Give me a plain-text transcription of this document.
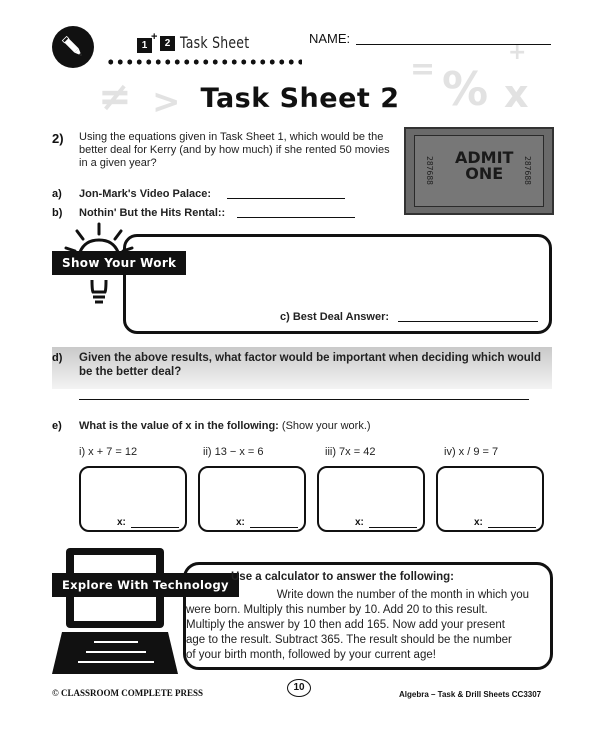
1
+
2 Task Sheet	NAME:
≠ >
= % x
+
Task Sheet 2
2) Using the equations given in Task Sheet 1, which would be the better deal for Kerry (and by how much) if she rented 50 movies in a given year?
a) Jon-Mark's Video Palace:
b) Nothin' But the Hits Rental::
ADMIT
ONE
287688	287688
Show Your Work
c) Best Deal Answer:
d) Given the above results, what factor would be important when deciding which would be the better deal?
e) What is the value of x in the following: (Show your work.)
i) x + 7 = 12	ii) 13 − x = 6	iii) 7x = 42	iv) x / 9 = 7
x:	x:	x:	x:
Explore With Technology
Use a calculator to answer the following:
Write down the number of the month in which you
were born. Multiply this number by 10. Add 20 to this result.
Multiply the answer by 10 then add 165. Now add your present
age to the result. Subtract 365. The result should be the number
of your birth month, followed by your current age!
© CLASSROOM COMPLETE PRESS	10
Algebra – Task & Drill Sheets CC3307
